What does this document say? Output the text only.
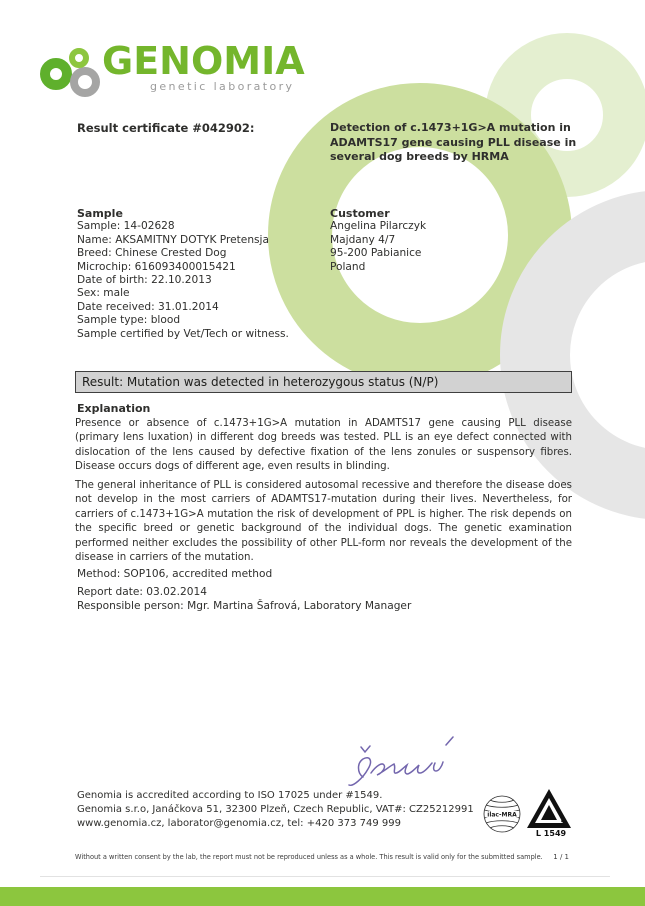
GENOMIA
genetic laboratory
Result certificate #042902:	Detection of c.1473+1G>A mutation in ADAMTS17 gene causing PLL disease in several dog breeds by HRMA
Sample
Sample: 14-02628
Name: AKSAMITNY DOTYK Pretensja
Breed: Chinese Crested Dog
Microchip: 616093400015421
Date of birth: 22.10.2013
Sex: male
Date received: 31.01.2014
Sample type: blood
Sample certified by Vet/Tech or witness.
Customer
Angelina Pilarczyk
Majdany 4/7
95-200 Pabianice
Poland
Result: Mutation was detected in heterozygous status (N/P)
Explanation
Presence or absence of c.1473+1G>A mutation in ADAMTS17 gene causing PLL disease (primary lens luxation) in different dog breeds was tested. PLL is an eye defect connected with dislocation of the lens caused by defective fixation of the lens zonules or suspensory fibres. Disease occurs dogs of different age, even results in blinding.
The general inheritance of PLL is considered autosomal recessive and therefore the disease does not develop in the most carriers of ADAMTS17-mutation during their lives. Nevertheless, for carriers of c.1473+1G>A mutation the risk of development of PPL is higher. The risk depends on the specific breed or genetic background of the individual dogs. The genetic examination performed neither excludes the possibility of other PLL-form nor reveals the development of the disease in carriers of the mutation.
Method: SOP106, accredited method
Report date: 03.02.2014
Responsible person: Mgr. Martina Šafrová, Laboratory Manager
Genomia is accredited according to ISO 17025 under #1549.
Genomia s.r.o, Janáčkova 51, 32300 Plzeň, Czech Republic, VAT#: CZ25212991
www.genomia.cz, laborator@genomia.cz, tel: +420 373 749 999
ilac-MRA
L 1549
Without a written consent by the lab, the report must not be reproduced unless as a whole. This result is valid only for the submitted sample. 1 / 1
